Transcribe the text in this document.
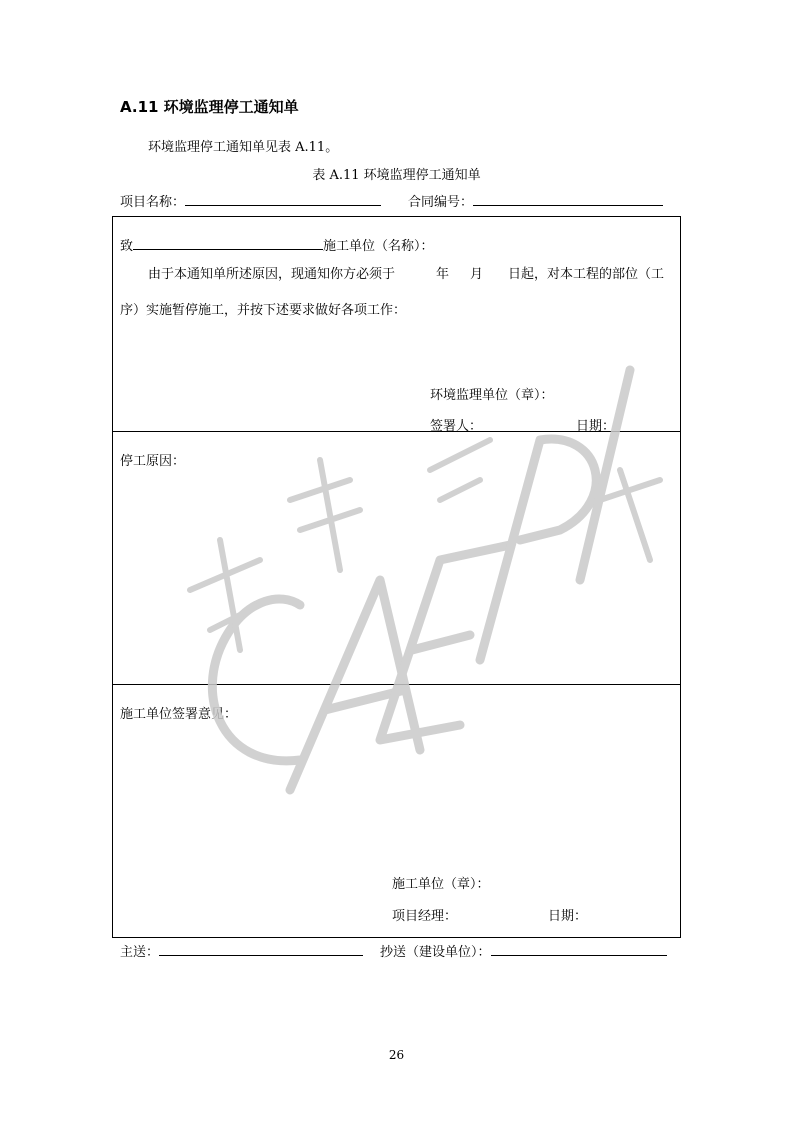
A.11 环境监理停工通知单
环境监理停工通知单见表 A.11。
表 A.11 环境监理停工通知单
项目名称：	合同编号：
致	施工单位（名称）：
由于本通知单所述原因，现通知你方必须于	年 月 日起，对本工程的部位（工
序）实施暂停施工，并按下述要求做好各项工作：
环境监理单位（章）：
签署人：	日期：
停工原因：
施工单位签署意见：
施工单位（章）：
项目经理：	日期：
主送：	抄送（建设单位）：
26
